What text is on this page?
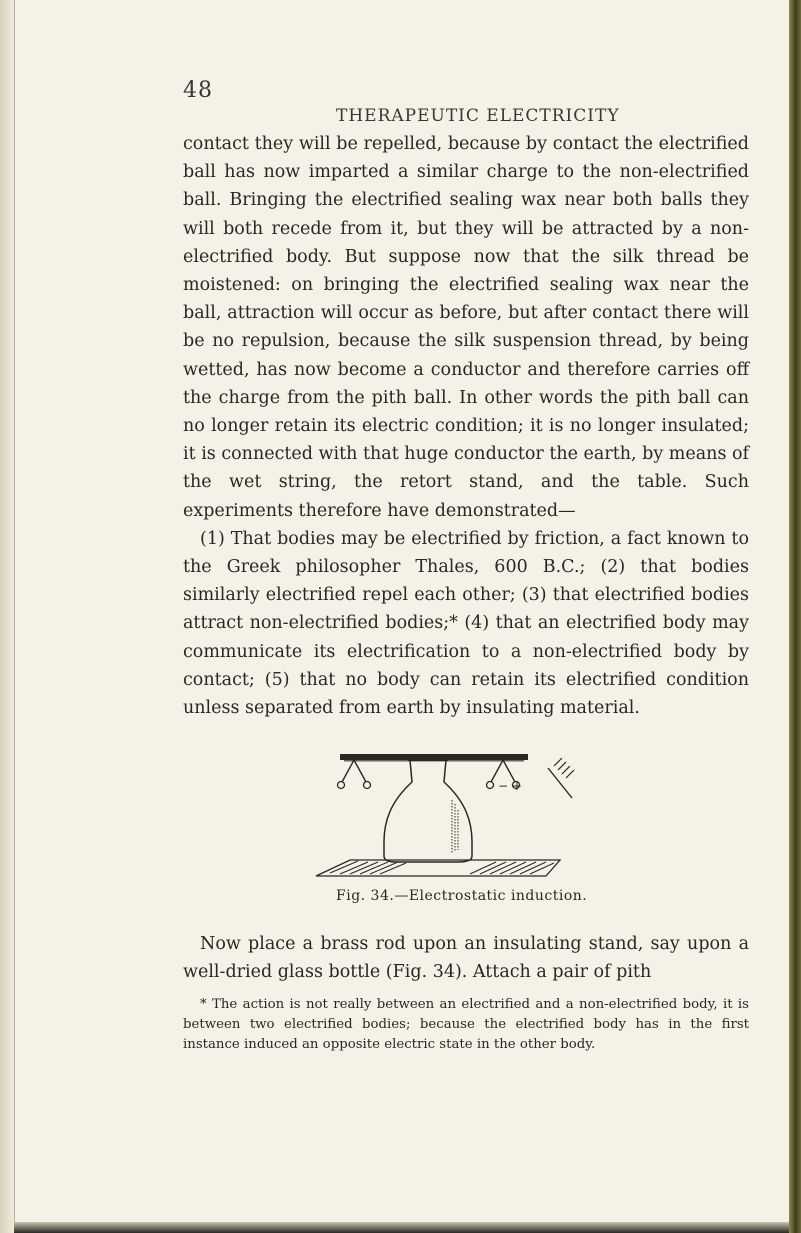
48
THERAPEUTIC ELECTRICITY

contact they will be repelled, because by contact the electrified ball has now imparted a similar charge to the non-electrified ball. Bringing the electrified sealing wax near both balls they will both recede from it, but they will be attracted by a non-electrified body. But suppose now that the silk thread be moistened: on bringing the electrified sealing wax near the ball, attraction will occur as before, but after contact there will be no repulsion, because the silk suspension thread, by being wetted, has now become a conductor and therefore carries off the charge from the pith ball. In other words the pith ball can no longer retain its electric condition; it is no longer insulated; it is connected with that huge conductor the earth, by means of the wet string, the retort stand, and the table. Such experiments therefore have demonstrated—

(1) That bodies may be electrified by friction, a fact known to the Greek philosopher Thales, 600 B.C.; (2) that bodies similarly electrified repel each other; (3) that electrified bodies attract non-electrified bodies;* (4) that an electrified body may communicate its electrification to a non-electrified body by contact; (5) that no body can retain its electrified condition unless separated from earth by insulating material.

− +
Fig. 34.—Electrostatic induction.

Now place a brass rod upon an insulating stand, say upon a well-dried glass bottle (Fig. 34). Attach a pair of pith

* The action is not really between an electrified and a non-electrified body, it is between two electrified bodies; because the electrified body has in the first instance induced an opposite electric state in the other body.
